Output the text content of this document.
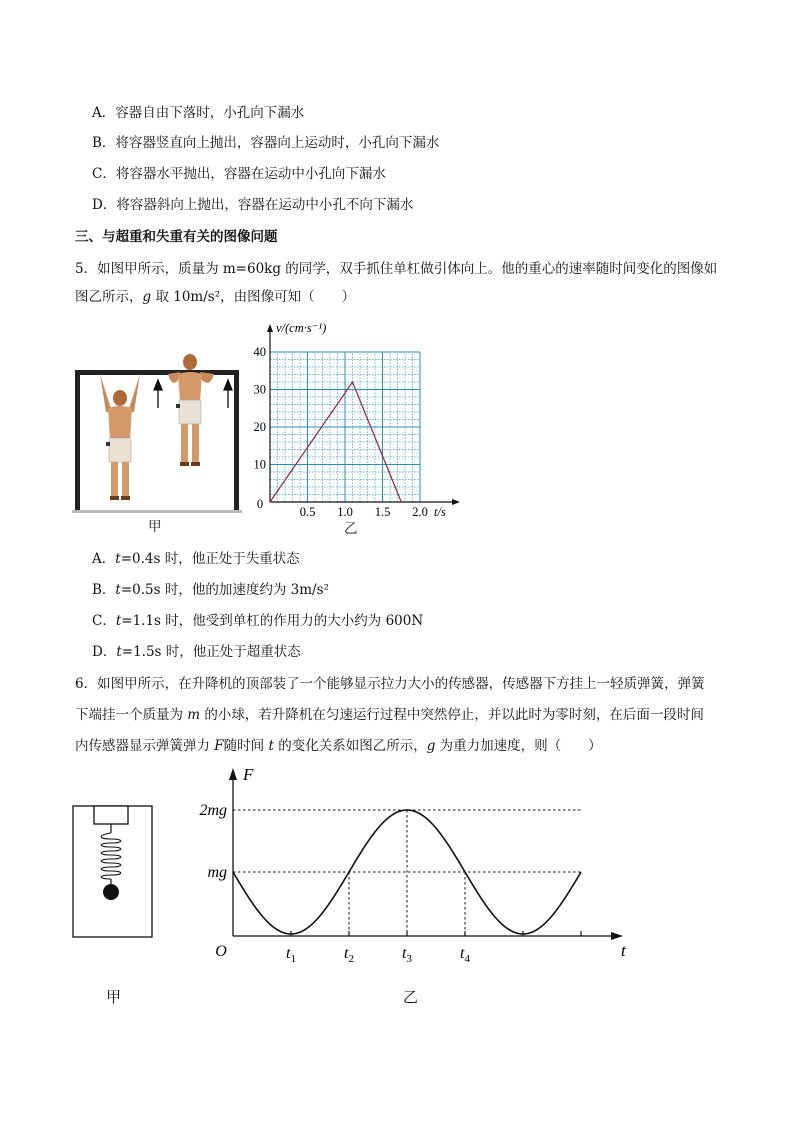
A．容器自由下落时，小孔向下漏水
B．将容器竖直向上抛出，容器向上运动时，小孔向下漏水
C．将容器水平抛出，容器在运动中小孔向下漏水
D．将容器斜向上抛出，容器在运动中小孔不向下漏水
三、与超重和失重有关的图像问题
5．如图甲所示，质量为 m=60kg 的同学，双手抓住单杠做引体向上。他的重心的速率随时间变化的图像如
图乙所示，g 取 10m/s²，由图像可知（　　）
甲
0.5 1.0 1.5 2.0
10
20
30
40
0
t/s
v/(cm·s⁻¹)
乙
A．t=0.4s 时，他正处于失重状态
B．t=0.5s 时，他的加速度约为 3m/s²
C．t=1.1s 时，他受到单杠的作用力的大小约为 600N
D．t=1.5s 时，他正处于超重状态
6．如图甲所示，在升降机的顶部装了一个能够显示拉力大小的传感器，传感器下方挂上一轻质弹簧，弹簧
下端挂一个质量为 m 的小球，若升降机在匀速运行过程中突然停止，并以此时为零时刻，在后面一段时间
内传感器显示弹簧弹力 F随时间 t 的变化关系如图乙所示，g 为重力加速度，则（　　）
甲
2mg
mg
O
F
t
$t_1$	$t_2$	$t_3$	$t_4$
乙
